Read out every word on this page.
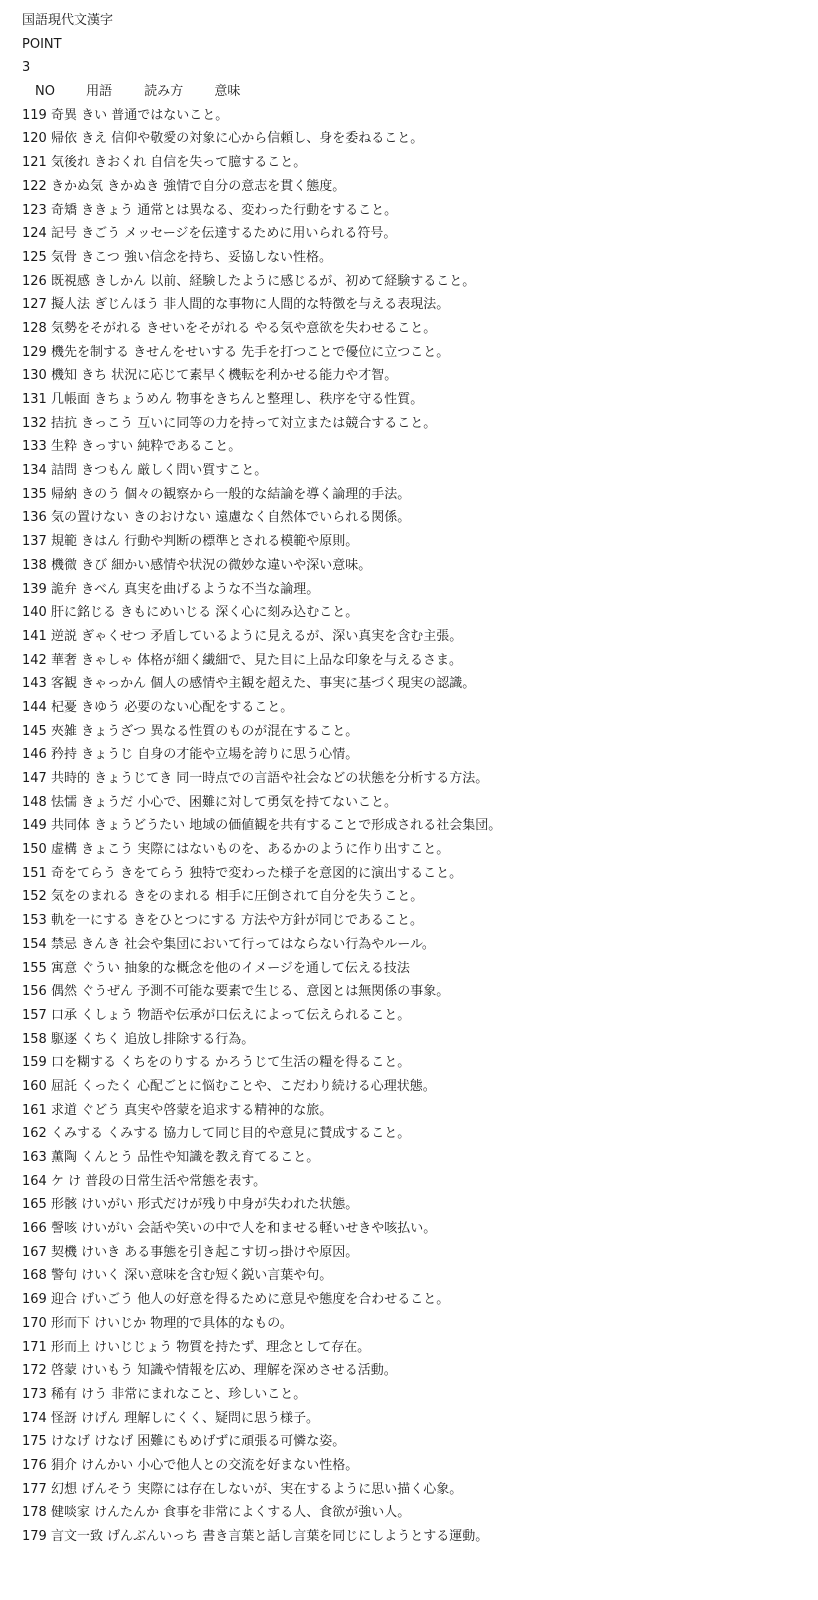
国語現代文漢字
POINT
3
NO 用語 読み方 意味
119 奇異 きい 普通ではないこと。
120 帰依 きえ 信仰や敬愛の対象に心から信頼し、身を委ねること。
121 気後れ きおくれ 自信を失って臆すること。
122 きかぬ気 きかぬき 強情で自分の意志を貫く態度。
123 奇矯 ききょう 通常とは異なる、変わった行動をすること。
124 記号 きごう メッセージを伝達するために用いられる符号。
125 気骨 きこつ 強い信念を持ち、妥協しない性格。
126 既視感 きしかん 以前、経験したように感じるが、初めて経験すること。
127 擬人法 ぎじんほう 非人間的な事物に人間的な特徴を与える表現法。
128 気勢をそがれる きせいをそがれる やる気や意欲を失わせること。
129 機先を制する きせんをせいする 先手を打つことで優位に立つこと。
130 機知 きち 状況に応じて素早く機転を利かせる能力や才智。
131 几帳面 きちょうめん 物事をきちんと整理し、秩序を守る性質。
132 拮抗 きっこう 互いに同等の力を持って対立または競合すること。
133 生粋 きっすい 純粋であること。
134 詰問 きつもん 厳しく問い質すこと。
135 帰納 きのう 個々の観察から一般的な結論を導く論理的手法。
136 気の置けない きのおけない 遠慮なく自然体でいられる関係。
137 規範 きはん 行動や判断の標準とされる模範や原則。
138 機微 きび 細かい感情や状況の微妙な違いや深い意味。
139 詭弁 きべん 真実を曲げるような不当な論理。
140 肝に銘じる きもにめいじる 深く心に刻み込むこと。
141 逆説 ぎゃくせつ 矛盾しているように見えるが、深い真実を含む主張。
142 華奢 きゃしゃ 体格が細く繊細で、見た目に上品な印象を与えるさま。
143 客観 きゃっかん 個人の感情や主観を超えた、事実に基づく現実の認識。
144 杞憂 きゆう 必要のない心配をすること。
145 夾雑 きょうざつ 異なる性質のものが混在すること。
146 矜持 きょうじ 自身の才能や立場を誇りに思う心情。
147 共時的 きょうじてき 同一時点での言語や社会などの状態を分析する方法。
148 怯懦 きょうだ 小心で、困難に対して勇気を持てないこと。
149 共同体 きょうどうたい 地域の価値観を共有することで形成される社会集団。
150 虚構 きょこう 実際にはないものを、あるかのように作り出すこと。
151 奇をてらう きをてらう 独特で変わった様子を意図的に演出すること。
152 気をのまれる きをのまれる 相手に圧倒されて自分を失うこと。
153 軌を一にする きをひとつにする 方法や方針が同じであること。
154 禁忌 きんき 社会や集団において行ってはならない行為やルール。
155 寓意 ぐうい 抽象的な概念を他のイメージを通して伝える技法
156 偶然 ぐうぜん 予測不可能な要素で生じる、意図とは無関係の事象。
157 口承 くしょう 物語や伝承が口伝えによって伝えられること。
158 駆逐 くちく 追放し排除する行為。
159 口を糊する くちをのりする かろうじて生活の糧を得ること。
160 屈託 くったく 心配ごとに悩むことや、こだわり続ける心理状態。
161 求道 ぐどう 真実や啓蒙を追求する精神的な旅。
162 くみする くみする 協力して同じ目的や意見に賛成すること。
163 薫陶 くんとう 品性や知識を教え育てること。
164 ケ け 普段の日常生活や常態を表す。
165 形骸 けいがい 形式だけが残り中身が失われた状態。
166 謦咳 けいがい 会話や笑いの中で人を和ませる軽いせきや咳払い。
167 契機 けいき ある事態を引き起こす切っ掛けや原因。
168 警句 けいく 深い意味を含む短く鋭い言葉や句。
169 迎合 げいごう 他人の好意を得るために意見や態度を合わせること。
170 形而下 けいじか 物理的で具体的なもの。
171 形而上 けいじじょう 物質を持たず、理念として存在。
172 啓蒙 けいもう 知識や情報を広め、理解を深めさせる活動。
173 稀有 けう 非常にまれなこと、珍しいこと。
174 怪訝 けげん 理解しにくく、疑問に思う様子。
175 けなげ けなげ 困難にもめげずに頑張る可憐な姿。
176 狷介 けんかい 小心で他人との交流を好まない性格。
177 幻想 げんそう 実際には存在しないが、実在するように思い描く心象。
178 健啖家 けんたんか 食事を非常によくする人、食欲が強い人。
179 言文一致 げんぶんいっち 書き言葉と話し言葉を同じにしようとする運動。
